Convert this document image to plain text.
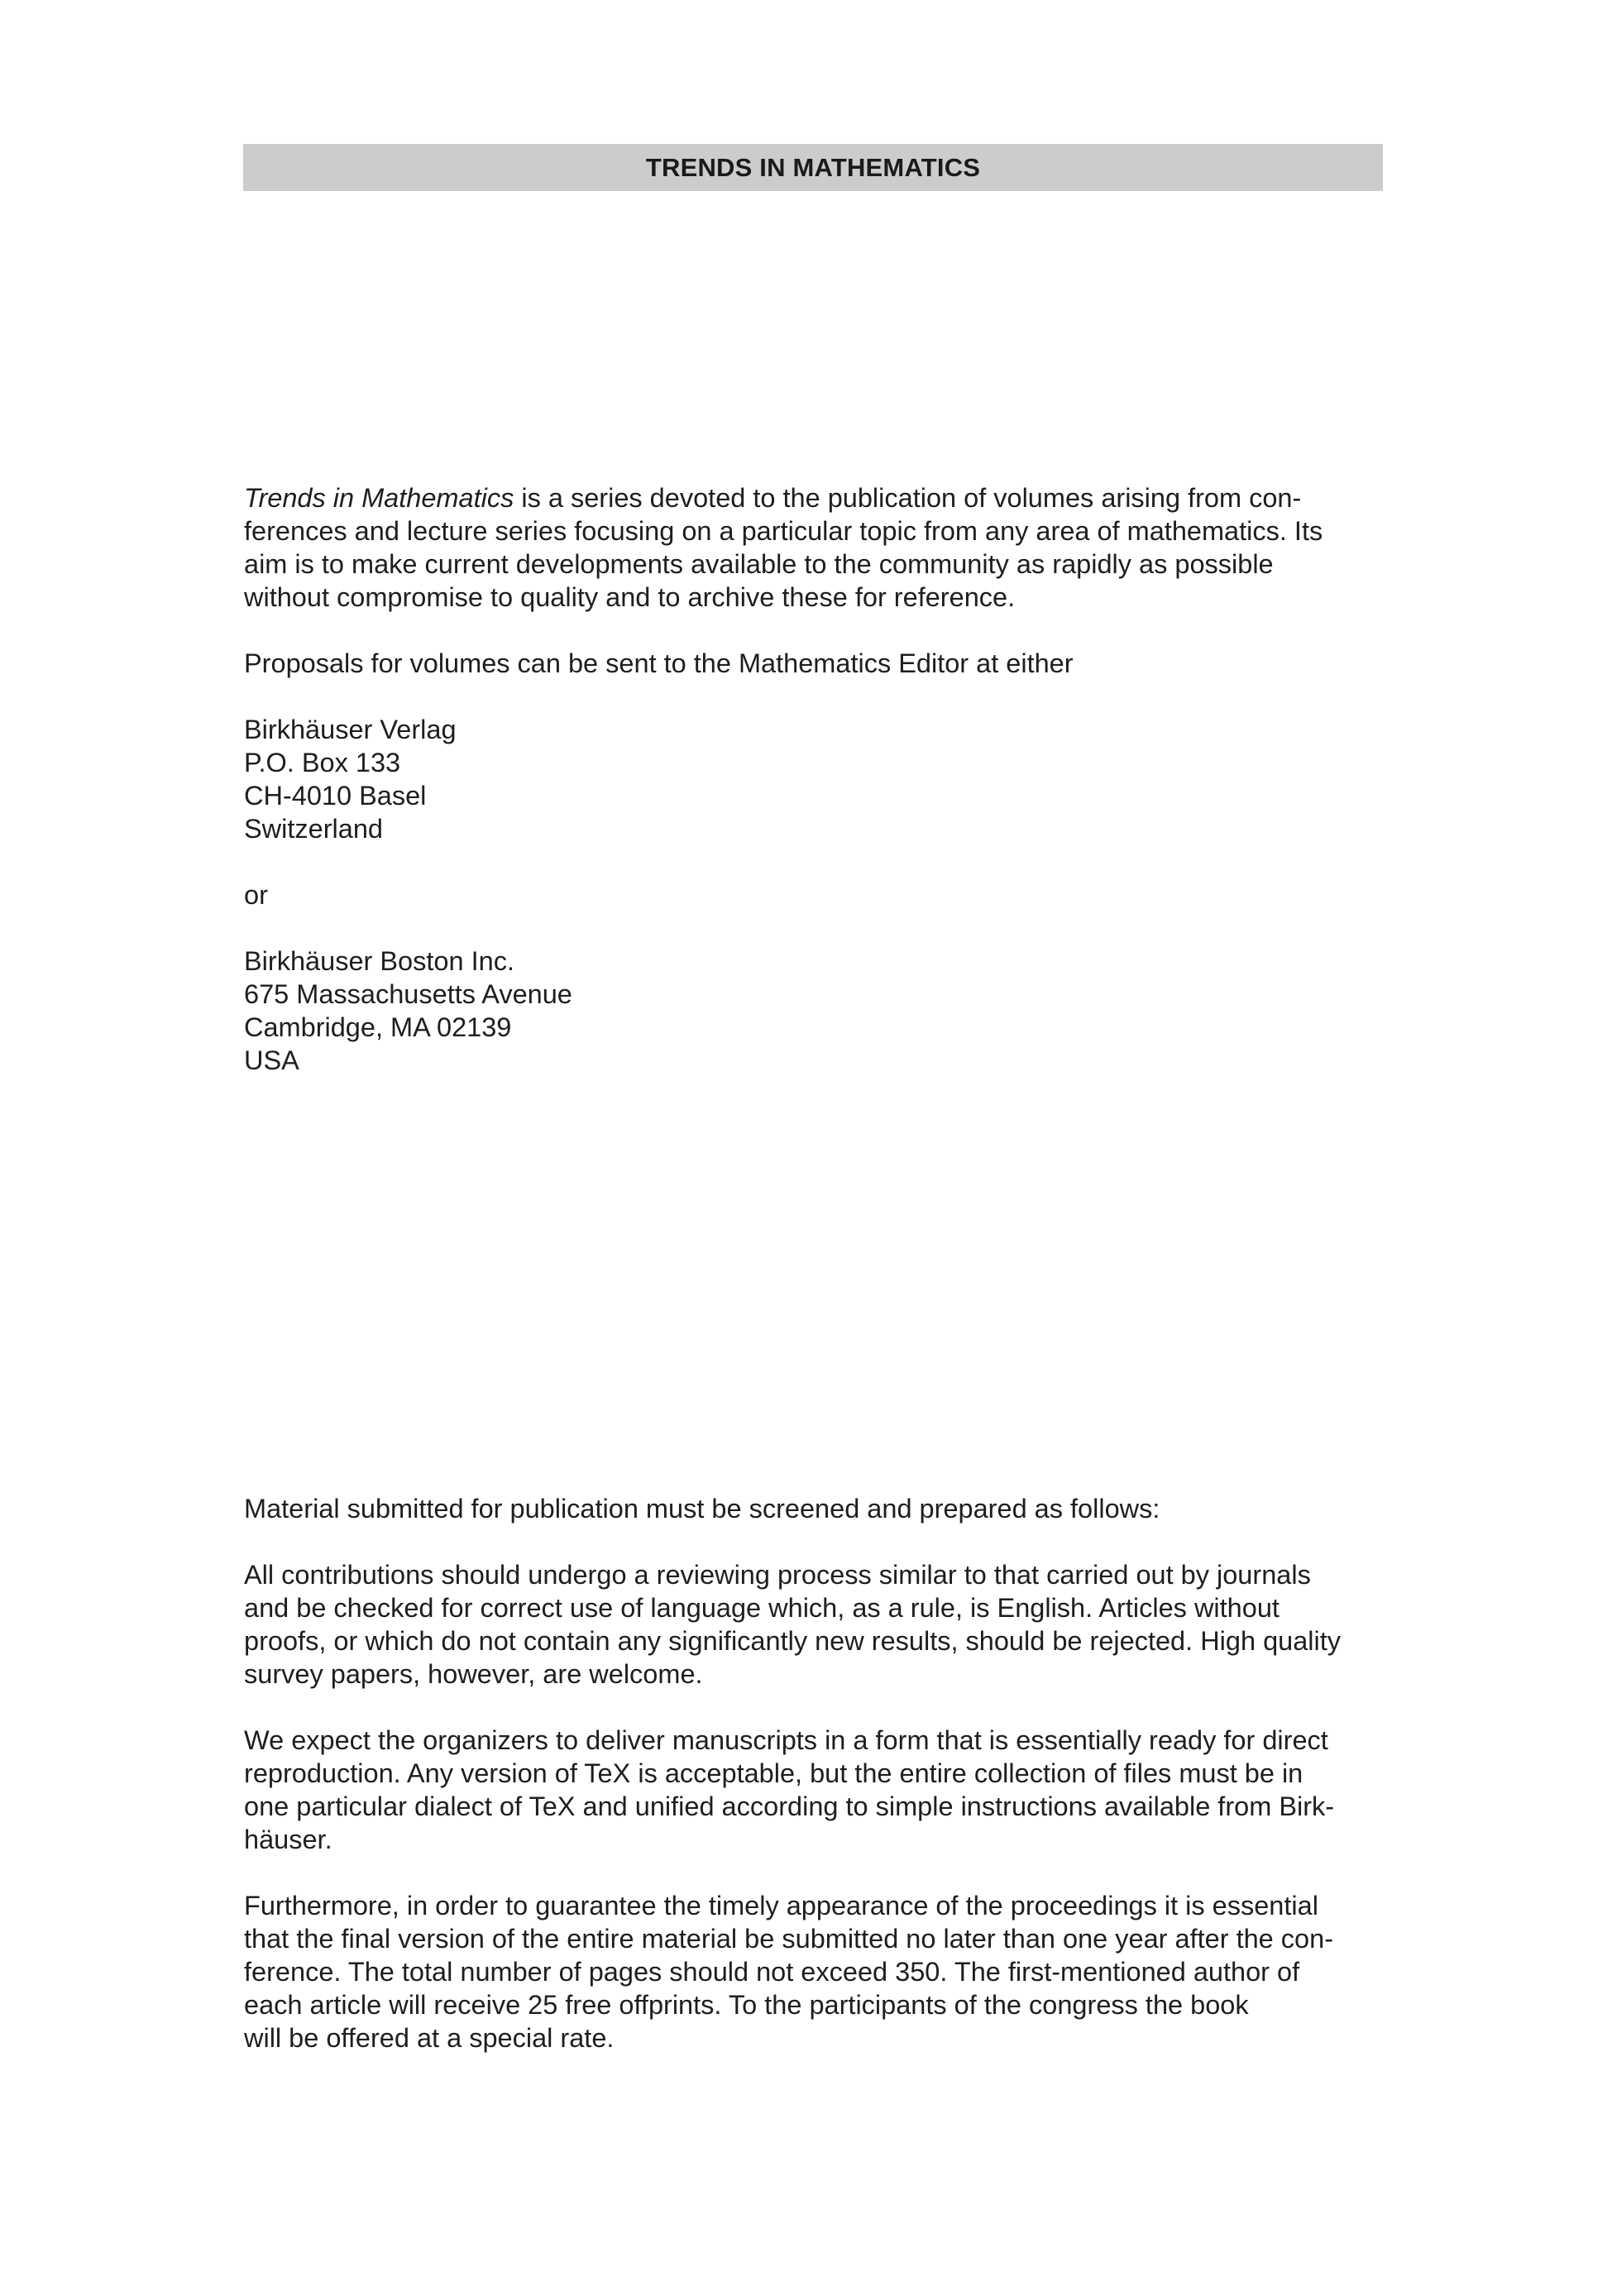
TRENDS IN MATHEMATICS
Trends in Mathematics is a series devoted to the publication of volumes arising from con-
ferences and lecture series focusing on a particular topic from any area of mathematics. Its
aim is to make current developments available to the community as rapidly as possible
without compromise to quality and to archive these for reference.
Proposals for volumes can be sent to the Mathematics Editor at either
Birkhäuser Verlag
P.O. Box 133
CH-4010 Basel
Switzerland
or
Birkhäuser Boston Inc.
675 Massachusetts Avenue
Cambridge, MA 02139
USA
Material submitted for publication must be screened and prepared as follows:
All contributions should undergo a reviewing process similar to that carried out by journals
and be checked for correct use of language which, as a rule, is English. Articles without
proofs, or which do not contain any significantly new results, should be rejected. High quality
survey papers, however, are welcome.
We expect the organizers to deliver manuscripts in a form that is essentially ready for direct
reproduction. Any version of TeX is acceptable, but the entire collection of files must be in
one particular dialect of TeX and unified according to simple instructions available from Birk-
häuser.
Furthermore, in order to guarantee the timely appearance of the proceedings it is essential
that the final version of the entire material be submitted no later than one year after the con-
ference. The total number of pages should not exceed 350. The first-mentioned author of
each article will receive 25 free offprints. To the participants of the congress the book
will be offered at a special rate.
